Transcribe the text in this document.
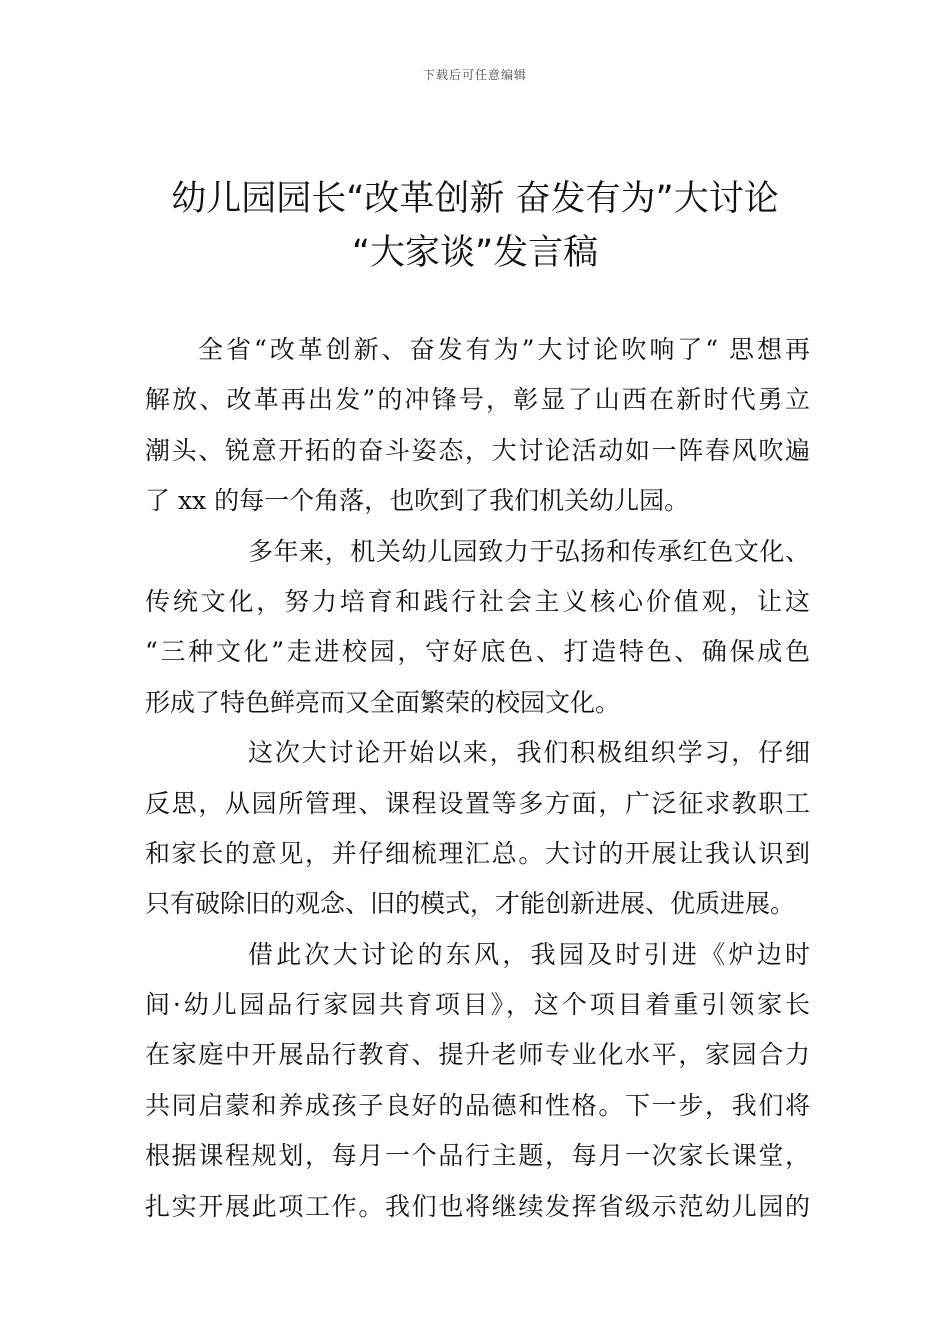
下载后可任意编辑
幼儿园园长“改革创新 奋发有为”大讨论
“大家谈”发言稿
全省“改革创新、奋发有为”大讨论吹响了“ 思想再
解放、改革再出发”的冲锋号，彰显了山西在新时代勇立
潮头、锐意开拓的奋斗姿态，大讨论活动如一阵春风吹遍
了 xx 的每一个角落，也吹到了我们机关幼儿园。
多年来，机关幼儿园致力于弘扬和传承红色文化、
传统文化，努力培育和践行社会主义核心价值观，让这
“三种文化”走进校园，守好底色、打造特色、确保成色
形成了特色鲜亮而又全面繁荣的校园文化。
这次大讨论开始以来，我们积极组织学习，仔细
反思，从园所管理、课程设置等多方面，广泛征求教职工
和家长的意见，并仔细梳理汇总。大讨的开展让我认识到
只有破除旧的观念、旧的模式，才能创新进展、优质进展。
借此次大讨论的东风，我园及时引进《炉边时
间·幼儿园品行家园共育项目》，这个项目着重引领家长
在家庭中开展品行教育、提升老师专业化水平，家园合力
共同启蒙和养成孩子良好的品德和性格。下一步，我们将
根据课程规划，每月一个品行主题，每月一次家长课堂，
扎实开展此项工作。我们也将继续发挥省级示范幼儿园的
